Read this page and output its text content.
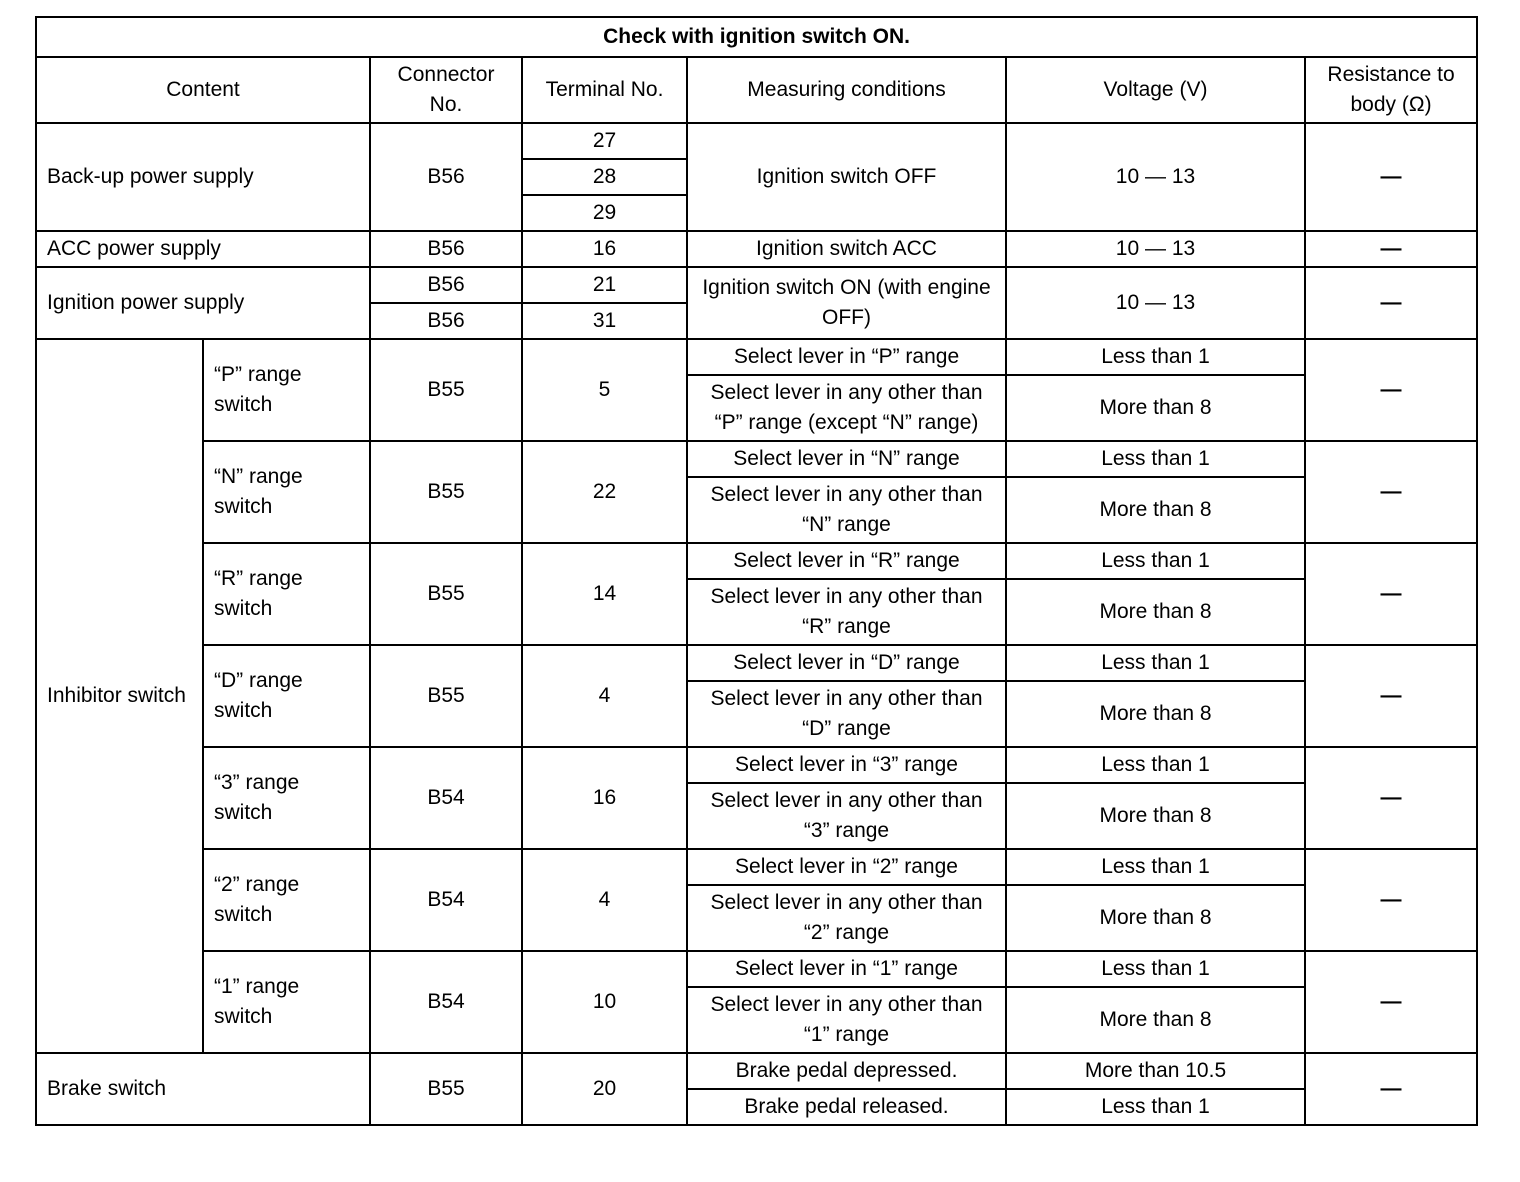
Check with ignition switch ON.						
Content		Connector No.	Terminal No.	Measuring conditions	Voltage (V)	Resistance to body (Ω)
Back-up power supply		B56	27	Ignition switch OFF	10 — 13	—
			28			
			29			
ACC power supply		B56	16	Ignition switch ACC	10 — 13	—
Ignition power supply		B56	21	Ignition switch ON (with engine OFF)	10 — 13	—
		B56	31			
Inhibitor switch	“P” range switch	B55	5	Select lever in “P” range	Less than 1	—
				Select lever in any other than “P” range (except “N” range)	More than 8	
	“N” range switch	B55	22	Select lever in “N” range	Less than 1	—
				Select lever in any other than “N” range	More than 8	
	“R” range switch	B55	14	Select lever in “R” range	Less than 1	—
				Select lever in any other than “R” range	More than 8	
	“D” range switch	B55	4	Select lever in “D” range	Less than 1	—
				Select lever in any other than “D” range	More than 8	
	“3” range switch	B54	16	Select lever in “3” range	Less than 1	—
				Select lever in any other than “3” range	More than 8	
	“2” range switch	B54	4	Select lever in “2” range	Less than 1	—
				Select lever in any other than “2” range	More than 8	
	“1” range switch	B54	10	Select lever in “1” range	Less than 1	—
				Select lever in any other than “1” range	More than 8	
Brake switch		B55	20	Brake pedal depressed.	More than 10.5	—
				Brake pedal released.	Less than 1	
